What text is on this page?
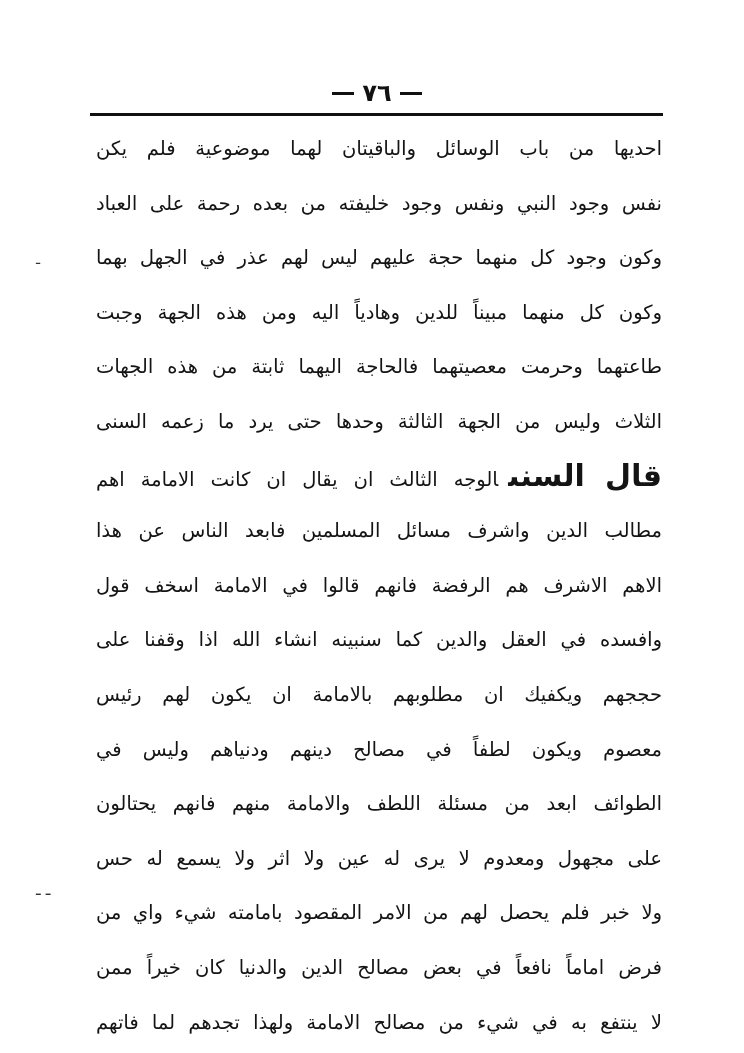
٧٦
احديها من باب الوسائل والباقيتان لهما موضوعية فلم يكن
نفس وجود النبي ونفس وجود خليفته من بعده رحمة على العباد
وكون وجود كل منهما حجة عليهم ليس لهم عذر في الجهل بهما
وكون كل منهما مبيناً للدين وهادياً اليه ومن هذه الجهة وجبت
طاعتهما وحرمت معصيتهما فالحاجة اليهما ثابتة من هذه الجهات
الثلاث وليس من الجهة الثالثة وحدها حتى يرد ما زعمه السنى
قال السنىالوجه الثالث ان يقال ان كانت الامامة اهم
مطالب الدين واشرف مسائل المسلمين فابعد الناس عن هذا
الاهم الاشرف هم الرفضة فانهم قالوا في الامامة اسخف قول
وافسده في العقل والدين كما سنبينه انشاء الله اذا وقفنا على
حججهم ويكفيك ان مطلوبهم بالامامة ان يكون لهم رئيس
معصوم ويكون لطفاً في مصالح دينهم ودنياهم وليس في
الطوائف ابعد من مسئلة اللطف والامامة منهم فانهم يحتالون
على مجهول ومعدوم لا يرى له عين ولا اثر ولا يسمع له حس
ولا خبر فلم يحصل لهم من الامر المقصود بامامته شيء واي من
فرض اماماً نافعاً في بعض مصالح الدين والدنيا كان خيراً ممن
لا ينتفع به في شيء من مصالح الامامة ولهذا تجدهم لما فاتهم
ـ
ـ ـ
